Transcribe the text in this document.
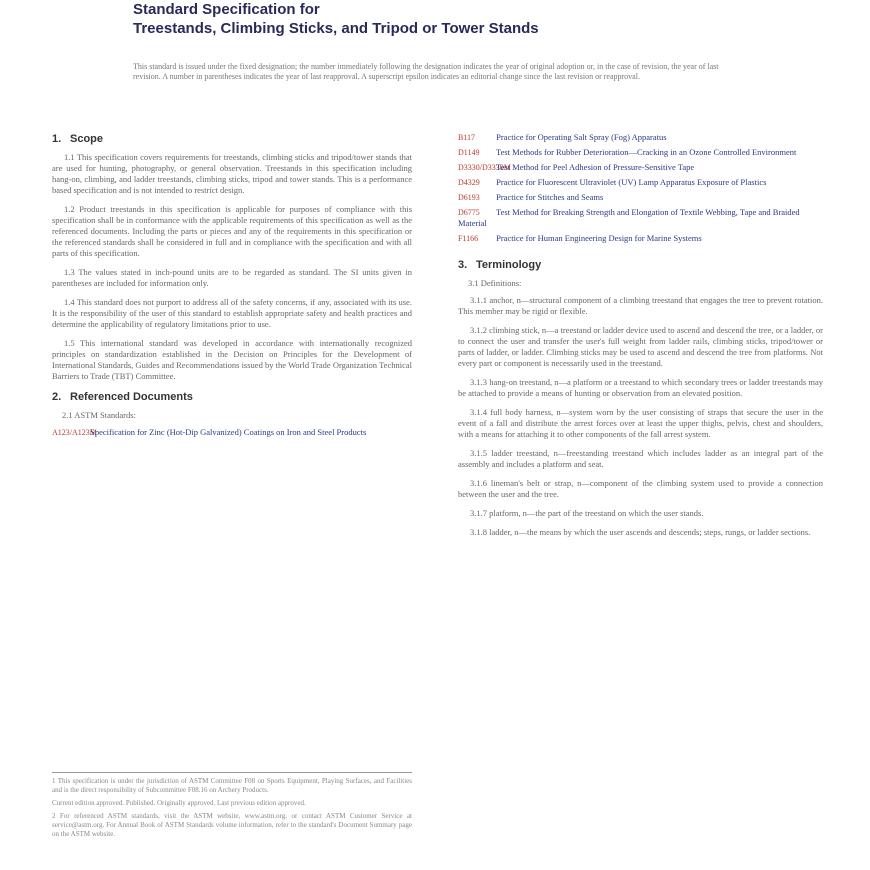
Standard Specification for
Treestands, Climbing Sticks, and Tripod or Tower Stands
This standard is issued under the fixed designation; the number immediately following the designation indicates the year of original adoption or, in the case of revision, the year of last revision. A number in parentheses indicates the year of last reapproval. A superscript epsilon indicates an editorial change since the last revision or reapproval.
1. Scope

1.1 This specification covers requirements for treestands, climbing sticks and tripod/tower stands that are used for hunting, photography, or general observation. Treestands in this specification including hang-on, climbing, and ladder treestands, climbing sticks, tripod and tower stands. This is a performance based specification and is not intended to restrict design.

1.2 Product treestands in this specification is applicable for purposes of compliance with this specification shall be in conformance with the applicable requirements of this specification as well as the referenced documents. Including the parts or pieces and any of the requirements in this specification or the referenced standards shall be considered in full and in compliance with the specification and with all parts of this specification.

1.3 The values stated in inch-pound units are to be regarded as standard. The SI units given in parentheses are included for information only.

1.4 This standard does not purport to address all of the safety concerns, if any, associated with its use. It is the responsibility of the user of this standard to establish appropriate safety and health practices and determine the applicability of regulatory limitations prior to use.

1.5 This international standard was developed in accordance with internationally recognized principles on standardization established in the Decision on Principles for the Development of International Standards, Guides and Recommendations issued by the World Trade Organization Technical Barriers to Trade (TBT) Committee.

2. Referenced Documents
2.1 ASTM Standards:
A123/A123M Specification for Zinc (Hot-Dip Galvanized) Coatings on Iron and Steel Products
B117 Practice for Operating Salt Spray (Fog) Apparatus
D1149 Test Methods for Rubber Deterioration—Cracking in an Ozone Controlled Environment
D3330/D3330M Test Method for Peel Adhesion of Pressure-Sensitive Tape
D4329 Practice for Fluorescent Ultraviolet (UV) Lamp Apparatus Exposure of Plastics
D6193 Practice for Stitches and Seams
D6775 Test Method for Breaking Strength and Elongation of Textile Webbing, Tape and Braided Material
F1166 Practice for Human Engineering Design for Marine Systems
3. Terminology
3.1 Definitions:

3.1.1 anchor, n—structural component of a climbing treestand that engages the tree to prevent rotation. This member may be rigid or flexible.

3.1.2 climbing stick, n—a treestand or ladder device used to ascend and descend the tree, or a ladder, or to connect the user and transfer the user's full weight from ladder rails, climbing sticks, tripod/tower or parts of ladder, or ladder. Climbing sticks may be used to ascend and descend the tree from platforms. Not every part or component is necessarily used in the treestand.

3.1.3 hang-on treestand, n—a platform or a treestand to which secondary trees or ladder treestands may be attached to provide a means of hunting or observation from an elevated position.

3.1.4 full body harness, n—system worn by the user consisting of straps that secure the user in the event of a fall and distribute the arrest forces over at least the upper thighs, pelvis, chest and shoulders, with a means for attaching it to other components of the fall arrest system.

3.1.5 ladder treestand, n—freestanding treestand which includes ladder as an integral part of the assembly and includes a platform and seat.

3.1.6 lineman's belt or strap, n—component of the climbing system used to provide a connection between the user and the tree.

3.1.7 platform, n—the part of the treestand on which the user stands.

3.1.8 ladder, n—the means by which the user ascends and descends; steps, rungs, or ladder sections.

1 This specification is under the jurisdiction of ASTM Committee F08 on Sports Equipment, Playing Surfaces, and Facilities and is the direct responsibility of Subcommittee F08.16 on Archery Products.

Current edition approved. Published. Originally approved. Last previous edition approved.

2 For referenced ASTM standards, visit the ASTM website, www.astm.org, or contact ASTM Customer Service at service@astm.org. For Annual Book of ASTM Standards volume information, refer to the standard's Document Summary page on the ASTM website.
